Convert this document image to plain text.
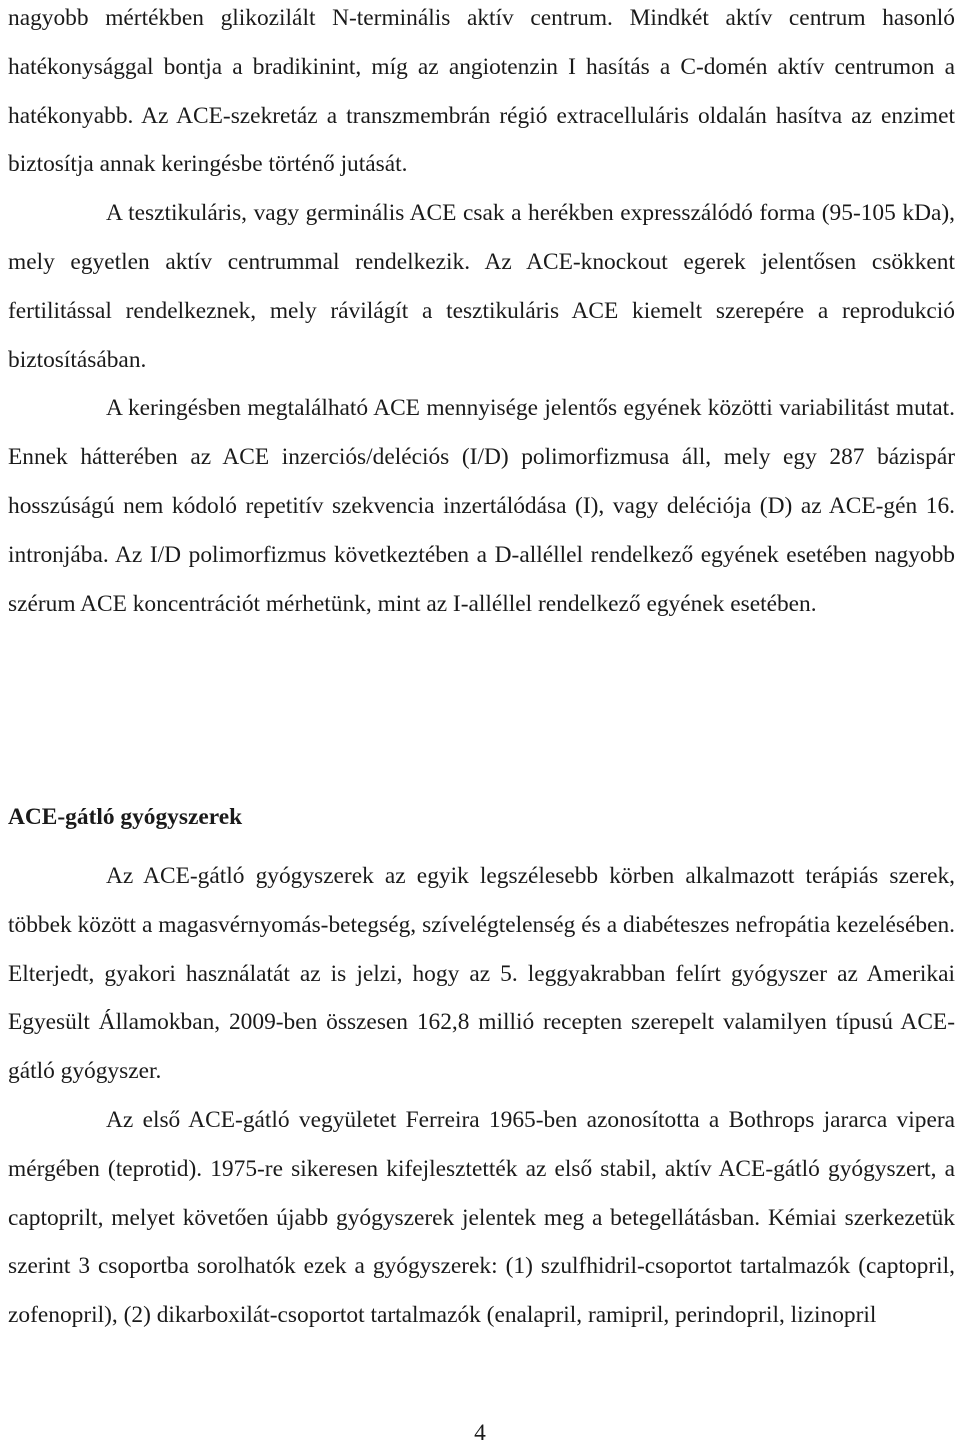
nagyobb mértékben glikozilált N-terminális aktív centrum. Mindkét aktív centrum hasonló hatékonysággal bontja a bradikinint, míg az angiotenzin I hasítás a C-domén aktív centrumon a hatékonyabb. Az ACE-szekretáz a transzmembrán régió extracelluláris oldalán hasítva az enzimet biztosítja annak keringésbe történő jutását.

A tesztikuláris, vagy germinális ACE csak a herékben expresszálódó forma (95-105 kDa), mely egyetlen aktív centrummal rendelkezik. Az ACE-knockout egerek jelentősen csökkent fertilitással rendelkeznek, mely rávilágít a tesztikuláris ACE kiemelt szerepére a reprodukció biztosításában.

A keringésben megtalálható ACE mennyisége jelentős egyének közötti variabilitást mutat. Ennek hátterében az ACE inzerciós/deléciós (I/D) polimorfizmusa áll, mely egy 287 bázispár hosszúságú nem kódoló repetitív szekvencia inzertálódása (I), vagy deléciója (D) az ACE-gén 16. intronjába. Az I/D polimorfizmus következtében a D-alléllel rendelkező egyének esetében nagyobb szérum ACE koncentrációt mérhetünk, mint az I-alléllel rendelkező egyének esetében.

ACE-gátló gyógyszerek

Az ACE-gátló gyógyszerek az egyik legszélesebb körben alkalmazott terápiás szerek, többek között a magasvérnyomás-betegség, szívelégtelenség és a diabéteszes nefropátia kezelésében. Elterjedt, gyakori használatát az is jelzi, hogy az 5. leggyakrabban felírt gyógyszer az Amerikai Egyesült Államokban, 2009-ben összesen 162,8 millió recepten szerepelt valamilyen típusú ACE-gátló gyógyszer.

Az első ACE-gátló vegyületet Ferreira 1965-ben azonosította a Bothrops jararca vipera mérgében (teprotid). 1975-re sikeresen kifejlesztették az első stabil, aktív ACE-gátló gyógyszert, a captoprilt, melyet követően újabb gyógyszerek jelentek meg a betegellátásban. Kémiai szerkezetük szerint 3 csoportba sorolhatók ezek a gyógyszerek: (1) szulfhidril-csoportot tartalmazók (captopril, zofenopril), (2) dikarboxilát-csoportot tartalmazók (enalapril, ramipril, perindopril, lizinopril

4
